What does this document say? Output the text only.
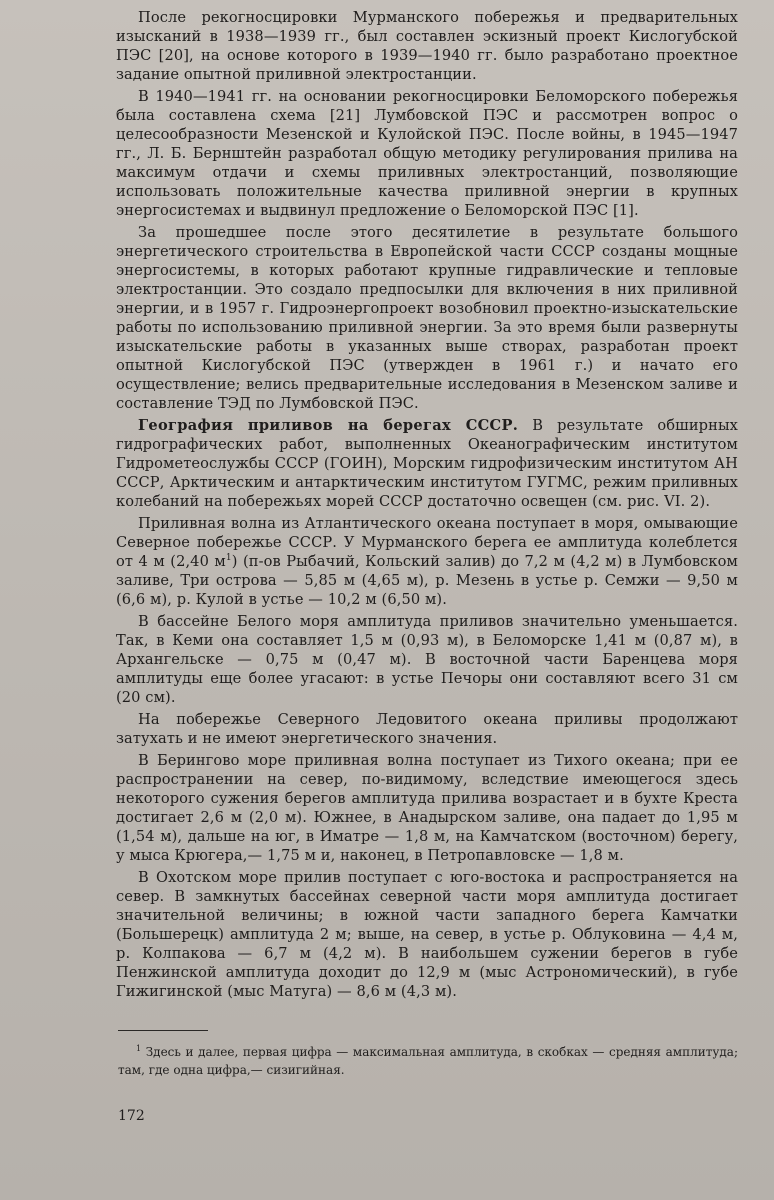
После рекогносцировки Мурманского побережья и предварительных изысканий в 1938—1939 гг., был составлен эскизный проект Кислогубской ПЭС [20], на основе которого в 1939—1940 гг. было разработано проектное задание опытной приливной электростанции.

В 1940—1941 гг. на основании рекогносцировки Беломорского побережья была составлена схема [21] Лумбовской ПЭС и рассмотрен вопрос о целесообразности Мезенской и Кулойской ПЭС. После войны, в 1945—1947 гг., Л. Б. Бернштейн разработал общую методику регулирования прилива на максимум отдачи и схемы приливных электростанций, позволяющие использовать положительные качества приливной энергии в крупных энергосистемах и выдвинул предложение о Беломорской ПЭС [1].

За прошедшее после этого десятилетие в результате большого энергетического строительства в Европейской части СССР созданы мощные энергосистемы, в которых работают крупные гидравлические и тепловые электростанции. Это создало предпосылки для включения в них приливной энергии, и в 1957 г. Гидроэнергопроект возобновил проектно-изыскательские работы по использованию приливной энергии. За это время были развернуты изыскательские работы в указанных выше створах, разработан проект опытной Кислогубской ПЭС (утвержден в 1961 г.) и начато его осуществление; велись предварительные исследования в Мезенском заливе и составление ТЭД по Лумбовской ПЭС.

География приливов на берегах СССР. В результате обширных гидрографических работ, выполненных Океанографическим институтом Гидрометеослужбы СССР (ГОИН), Морским гидрофизическим институтом АН СССР, Арктическим и антарктическим институтом ГУГМС, режим приливных колебаний на побережьях морей СССР достаточно освещен (см. рис. VI. 2).

Приливная волна из Атлантического океана поступает в моря, омывающие Северное побережье СССР. У Мурманского берега ее амплитуда колеблется от 4 м (2,40 м$^1$) (п-ов Рыбачий, Кольский залив) до 7,2 м (4,2 м) в Лумбовском заливе, Три острова — 5,85 м (4,65 м), р. Мезень в устье р. Семжи — 9,50 м (6,6 м), р. Кулой в устье — 10,2 м (6,50 м).

В бассейне Белого моря амплитуда приливов значительно уменьшается. Так, в Кеми она составляет 1,5 м (0,93 м), в Беломорске 1,41 м (0,87 м), в Архангельске — 0,75 м (0,47 м). В восточной части Баренцева моря амплитуды еще более угасают: в устье Печоры они составляют всего 31 см (20 см).

На побережье Северного Ледовитого океана приливы продолжают затухать и не имеют энергетического значения.

В Берингово море приливная волна поступает из Тихого океана; при ее распространении на север, по-видимому, вследствие имеющегося здесь некоторого сужения берегов амплитуда прилива возрастает и в бухте Креста достигает 2,6 м (2,0 м). Южнее, в Анадырском заливе, она падает до 1,95 м (1,54 м), дальше на юг, в Иматре — 1,8 м, на Камчатском (восточном) берегу, у мыса Крюгера,— 1,75 м и, наконец, в Петропавловске — 1,8 м.

В Охотском море прилив поступает с юго-востока и распространяется на север. В замкнутых бассейнах северной части моря амплитуда достигает значительной величины; в южной части западного берега Камчатки (Большерецк) амплитуда 2 м; выше, на север, в устье р. Облуковина — 4,4 м, р. Колпакова — 6,7 м (4,2 м). В наибольшем сужении берегов в губе Пенжинской амплитуда доходит до 12,9 м (мыс Астрономический), в губе Гижигинской (мыс Матуга) — 8,6 м (4,3 м).

$^1$ Здесь и далее, первая цифра — максимальная амплитуда, в скобках — средняя амплитуда; там, где одна цифра,— сизигийная.
172
